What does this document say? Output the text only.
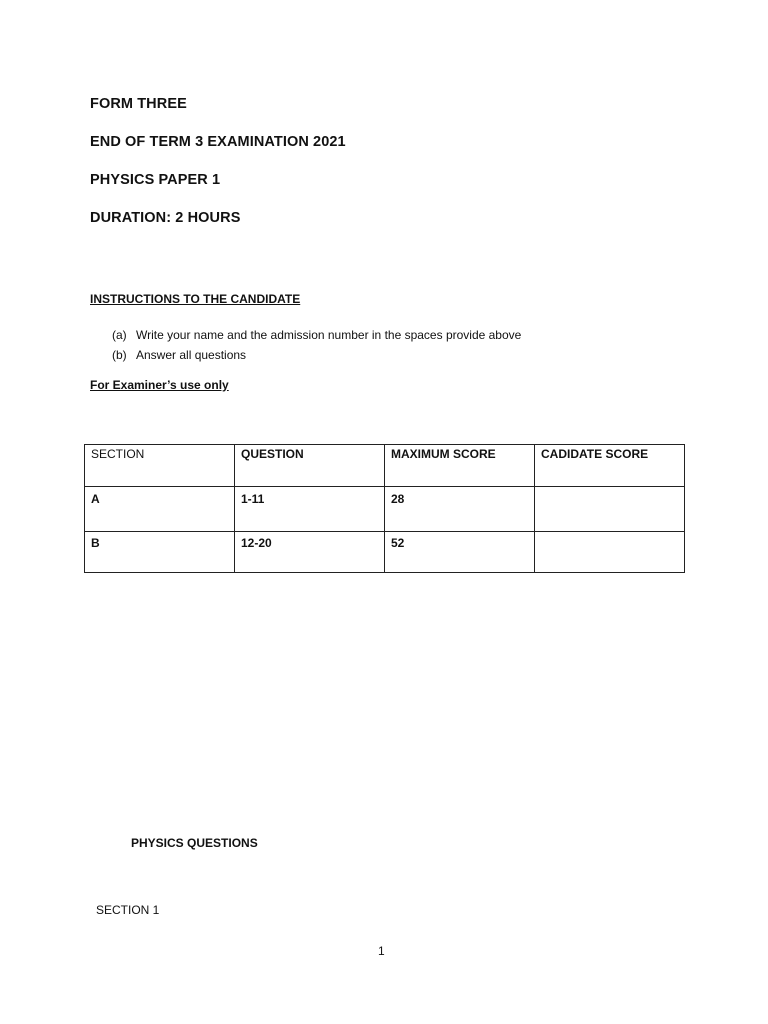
FORM THREE
END OF TERM 3 EXAMINATION 2021
PHYSICS PAPER 1
DURATION: 2 HOURS
INSTRUCTIONS TO THE CANDIDATE
(a) Write your name and the admission number in the spaces provide above
(b) Answer all questions
For Examiner’s use only
SECTION	QUESTION	MAXIMUM SCORE	CADIDATE SCORE
A	1-11	28	
B	12-20	52	
PHYSICS QUESTIONS
SECTION 1
1
